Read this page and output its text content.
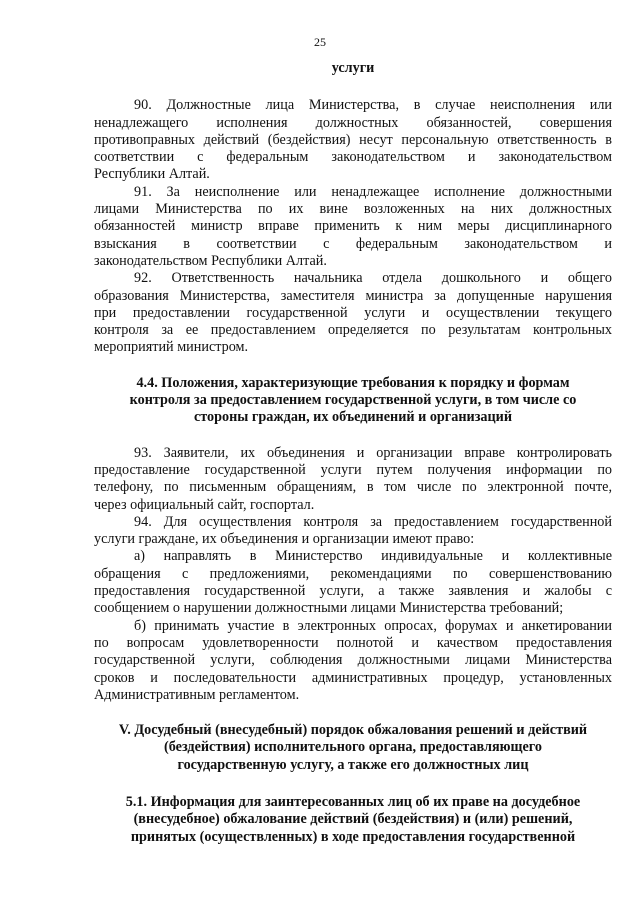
25
услуги
90. Должностные лица Министерства, в случае неисполнения или
ненадлежащего исполнения должностных обязанностей, совершения
противоправных действий (бездействия) несут персональную ответственность в
соответствии с федеральным законодательством и законодательством
Республики Алтай.
91. За неисполнение или ненадлежащее исполнение должностными
лицами Министерства по их вине возложенных на них должностных
обязанностей министр вправе применить к ним меры дисциплинарного
взыскания в соответствии с федеральным законодательством и
законодательством Республики Алтай.
92. Ответственность начальника отдела дошкольного и общего
образования Министерства, заместителя министра за допущенные нарушения
при предоставлении государственной услуги и осуществлении текущего
контроля за ее предоставлением определяется по результатам контрольных
мероприятий министром.
4.4. Положения, характеризующие требования к порядку и формам
контроля за предоставлением государственной услуги, в том числе со
стороны граждан, их объединений и организаций
93. Заявители, их объединения и организации вправе контролировать
предоставление государственной услуги путем получения информации по
телефону, по письменным обращениям, в том числе по электронной почте,
через официальный сайт, госпортал.
94. Для осуществления контроля за предоставлением государственной
услуги граждане, их объединения и организации имеют право:
а) направлять в Министерство индивидуальные и коллективные
обращения с предложениями, рекомендациями по совершенствованию
предоставления государственной услуги, а также заявления и жалобы с
сообщением о нарушении должностными лицами Министерства требований;
б) принимать участие в электронных опросах, форумах и анкетировании
по вопросам удовлетворенности полнотой и качеством предоставления
государственной услуги, соблюдения должностными лицами Министерства
сроков и последовательности административных процедур, установленных
Административным регламентом.
V. Досудебный (внесудебный) порядок обжалования решений и действий
(бездействия) исполнительного органа, предоставляющего
государственную услугу, а также его должностных лиц
5.1. Информация для заинтересованных лиц об их праве на досудебное
(внесудебное) обжалование действий (бездействия) и (или) решений,
принятых (осуществленных) в ходе предоставления государственной
